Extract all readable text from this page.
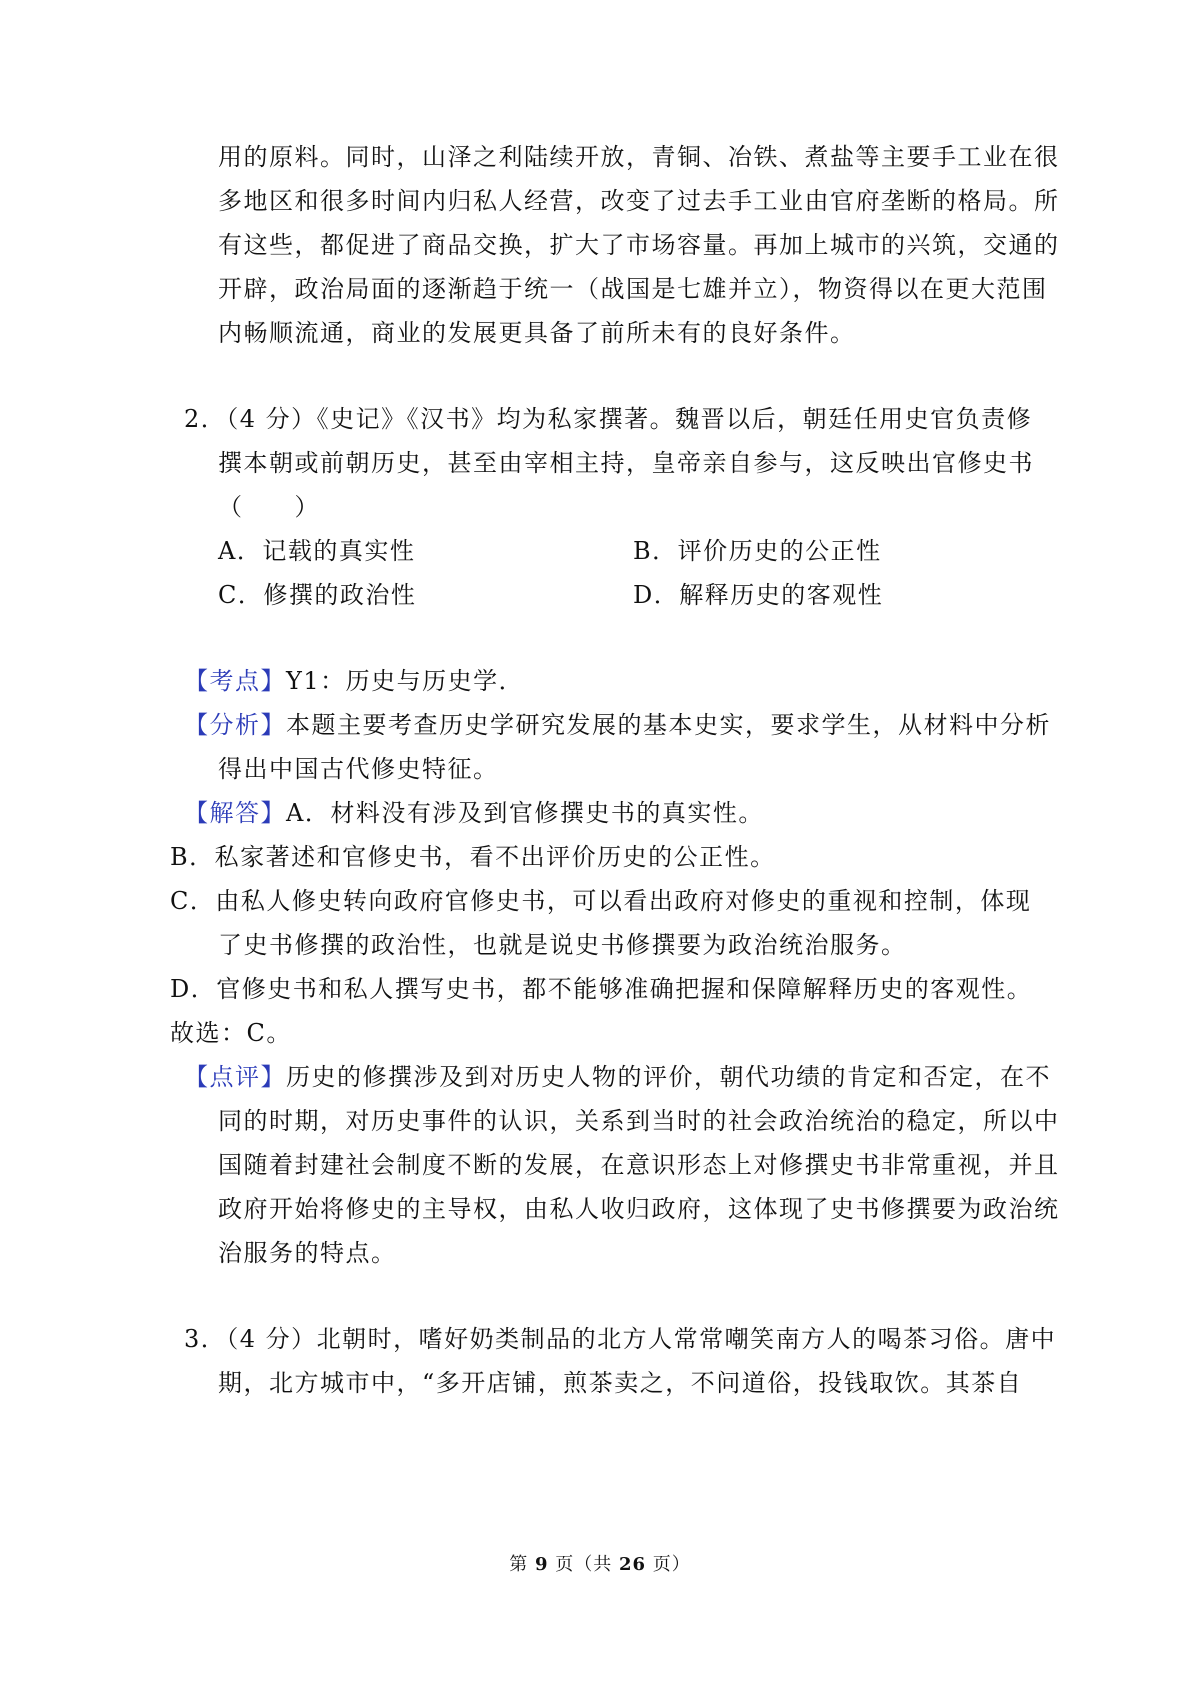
用的原料。同时，山泽之利陆续开放，青铜、冶铁、煮盐等主要手工业在很
多地区和很多时间内归私人经营，改变了过去手工业由官府垄断的格局。所
有这些，都促进了商品交换，扩大了市场容量。再加上城市的兴筑，交通的
开辟，政治局面的逐渐趋于统一（战国是七雄并立），物资得以在更大范围
内畅顺流通，商业的发展更具备了前所未有的良好条件。
2．（4 分）《史记》《汉书》均为私家撰著。魏晋以后，朝廷任用史官负责修
撰本朝或前朝历史，甚至由宰相主持，皇帝亲自参与，这反映出官修史书
（　　）
A．记载的真实性	B．评价历史的公正性
C．修撰的政治性	D．解释历史的客观性
【考点】Y1：历史与历史学．
【分析】本题主要考查历史学研究发展的基本史实，要求学生，从材料中分析
得出中国古代修史特征。
【解答】A．材料没有涉及到官修撰史书的真实性。
B．私家著述和官修史书，看不出评价历史的公正性。
C．由私人修史转向政府官修史书，可以看出政府对修史的重视和控制，体现
了史书修撰的政治性，也就是说史书修撰要为政治统治服务。
D．官修史书和私人撰写史书，都不能够准确把握和保障解释历史的客观性。
故选：C。
【点评】历史的修撰涉及到对历史人物的评价，朝代功绩的肯定和否定，在不
同的时期，对历史事件的认识，关系到当时的社会政治统治的稳定，所以中
国随着封建社会制度不断的发展，在意识形态上对修撰史书非常重视，并且
政府开始将修史的主导权，由私人收归政府，这体现了史书修撰要为政治统
治服务的特点。
3．（4 分）北朝时，嗜好奶类制品的北方人常常嘲笑南方人的喝茶习俗。唐中
期，北方城市中，“多开店铺，煎茶卖之，不问道俗，投钱取饮。其茶自
第 9 页（共 26 页）
